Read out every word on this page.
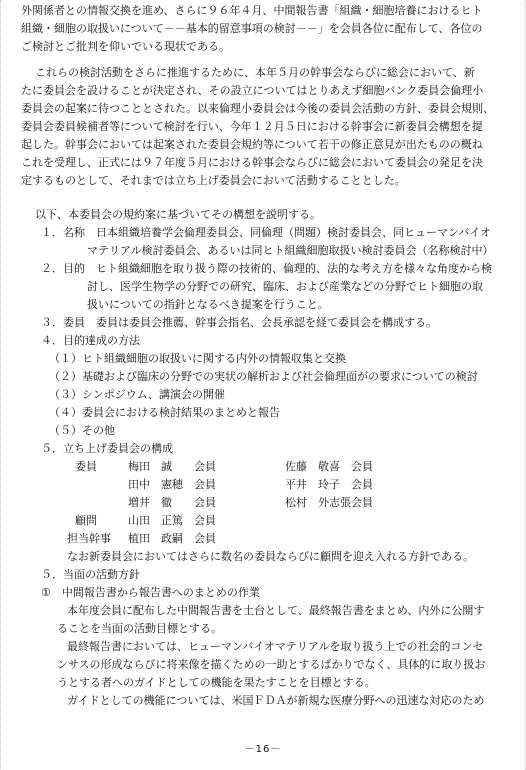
外関係者との情報交換を進め、さらに９６年４月、中間報告書「組織・細胞培養におけるヒト
組織・細胞の取扱いについて－－基本的留意事項の検討－－」を会員各位に配布して、各位の
ご検討とご批判を仰いでいる現状である。
これらの検討活動をさらに推進するために、本年５月の幹事会ならびに総会において、新
たに委員会を設けることが決定され、その設立についてはとりあえず細胞バンク委員会倫理小
委員会の起案に待つこととされた。以来倫理小委員会は今後の委員会活動の方針、委員会規則、
委員会委員候補者等について検討を行い、今年１２月５日における幹事会に新委員会構想を提
起した。幹事会においては起案された委員会規約等について若干の修正意見が出たものの概ね
これを受理し、正式には９７年度５月における幹事会ならびに総会において委員会の発足を決
定するものとして、それまでは立ち上げ委員会において活動することとした。
以下、本委員会の規約案に基づいてその構想を説明する。
１．名称　日本組織培養学会倫理委員会、同倫理（問題）検討委員会、同ヒューマンバイオ
マテリアル検討委員会、あるいは同ヒト組織細胞取扱い検討委員会（名称検討中）
２．目的　ヒト組織細胞を取り扱う際の技術的、倫理的、法的な考え方を様々な角度から検
討し、医学生物学の分野での研究、臨床、および産業などの分野でヒト細胞の取
扱いについての指針となるべき提案を行うこと。
３．委員　委員は委員会推薦、幹事会指名、会長承認を経て委員会を構成する。
４．目的達成の方法
（１）ヒト組織細胞の取扱いに関する内外の情報収集と交換
（２）基礎および臨床の分野での実状の解析および社会倫理面がの要求についての検討
（３）シンポジウム、講演会の開催
（４）委員会における検討結果のまとめと報告
（５）その他
５．立ち上げ委員会の構成
委員	梅田　誠　　会員
田中　憲穂　会員
増井　徹　　会員
佐藤　敬喜　会員
平井　玲子　会員
松村　外志張会員
顧問	山田　正篤　会員
担当幹事 植田　政嗣　会員
なお新委員会においてはさらに数名の委員ならびに顧問を迎え入れる方針である。
５．当面の活動方針
①　中間報告書から報告書へのまとめの作業
本年度会員に配布した中間報告書を土台として、最終報告書をまとめ、内外に公開す
ることを当面の活動目標とする。
最終報告書においては、ヒューマンバイオマテリアルを取り扱う上での社会的コンセ
ンサスの形成ならびに将来像を描くための一助とするばかりでなく、具体的に取り扱お
うとする者へのガイドとしての機能を果たすことを目標とする。
ガイドとしての機能については、米国ＦＤＡが新規な医療分野への迅速な対応のため
－16－
